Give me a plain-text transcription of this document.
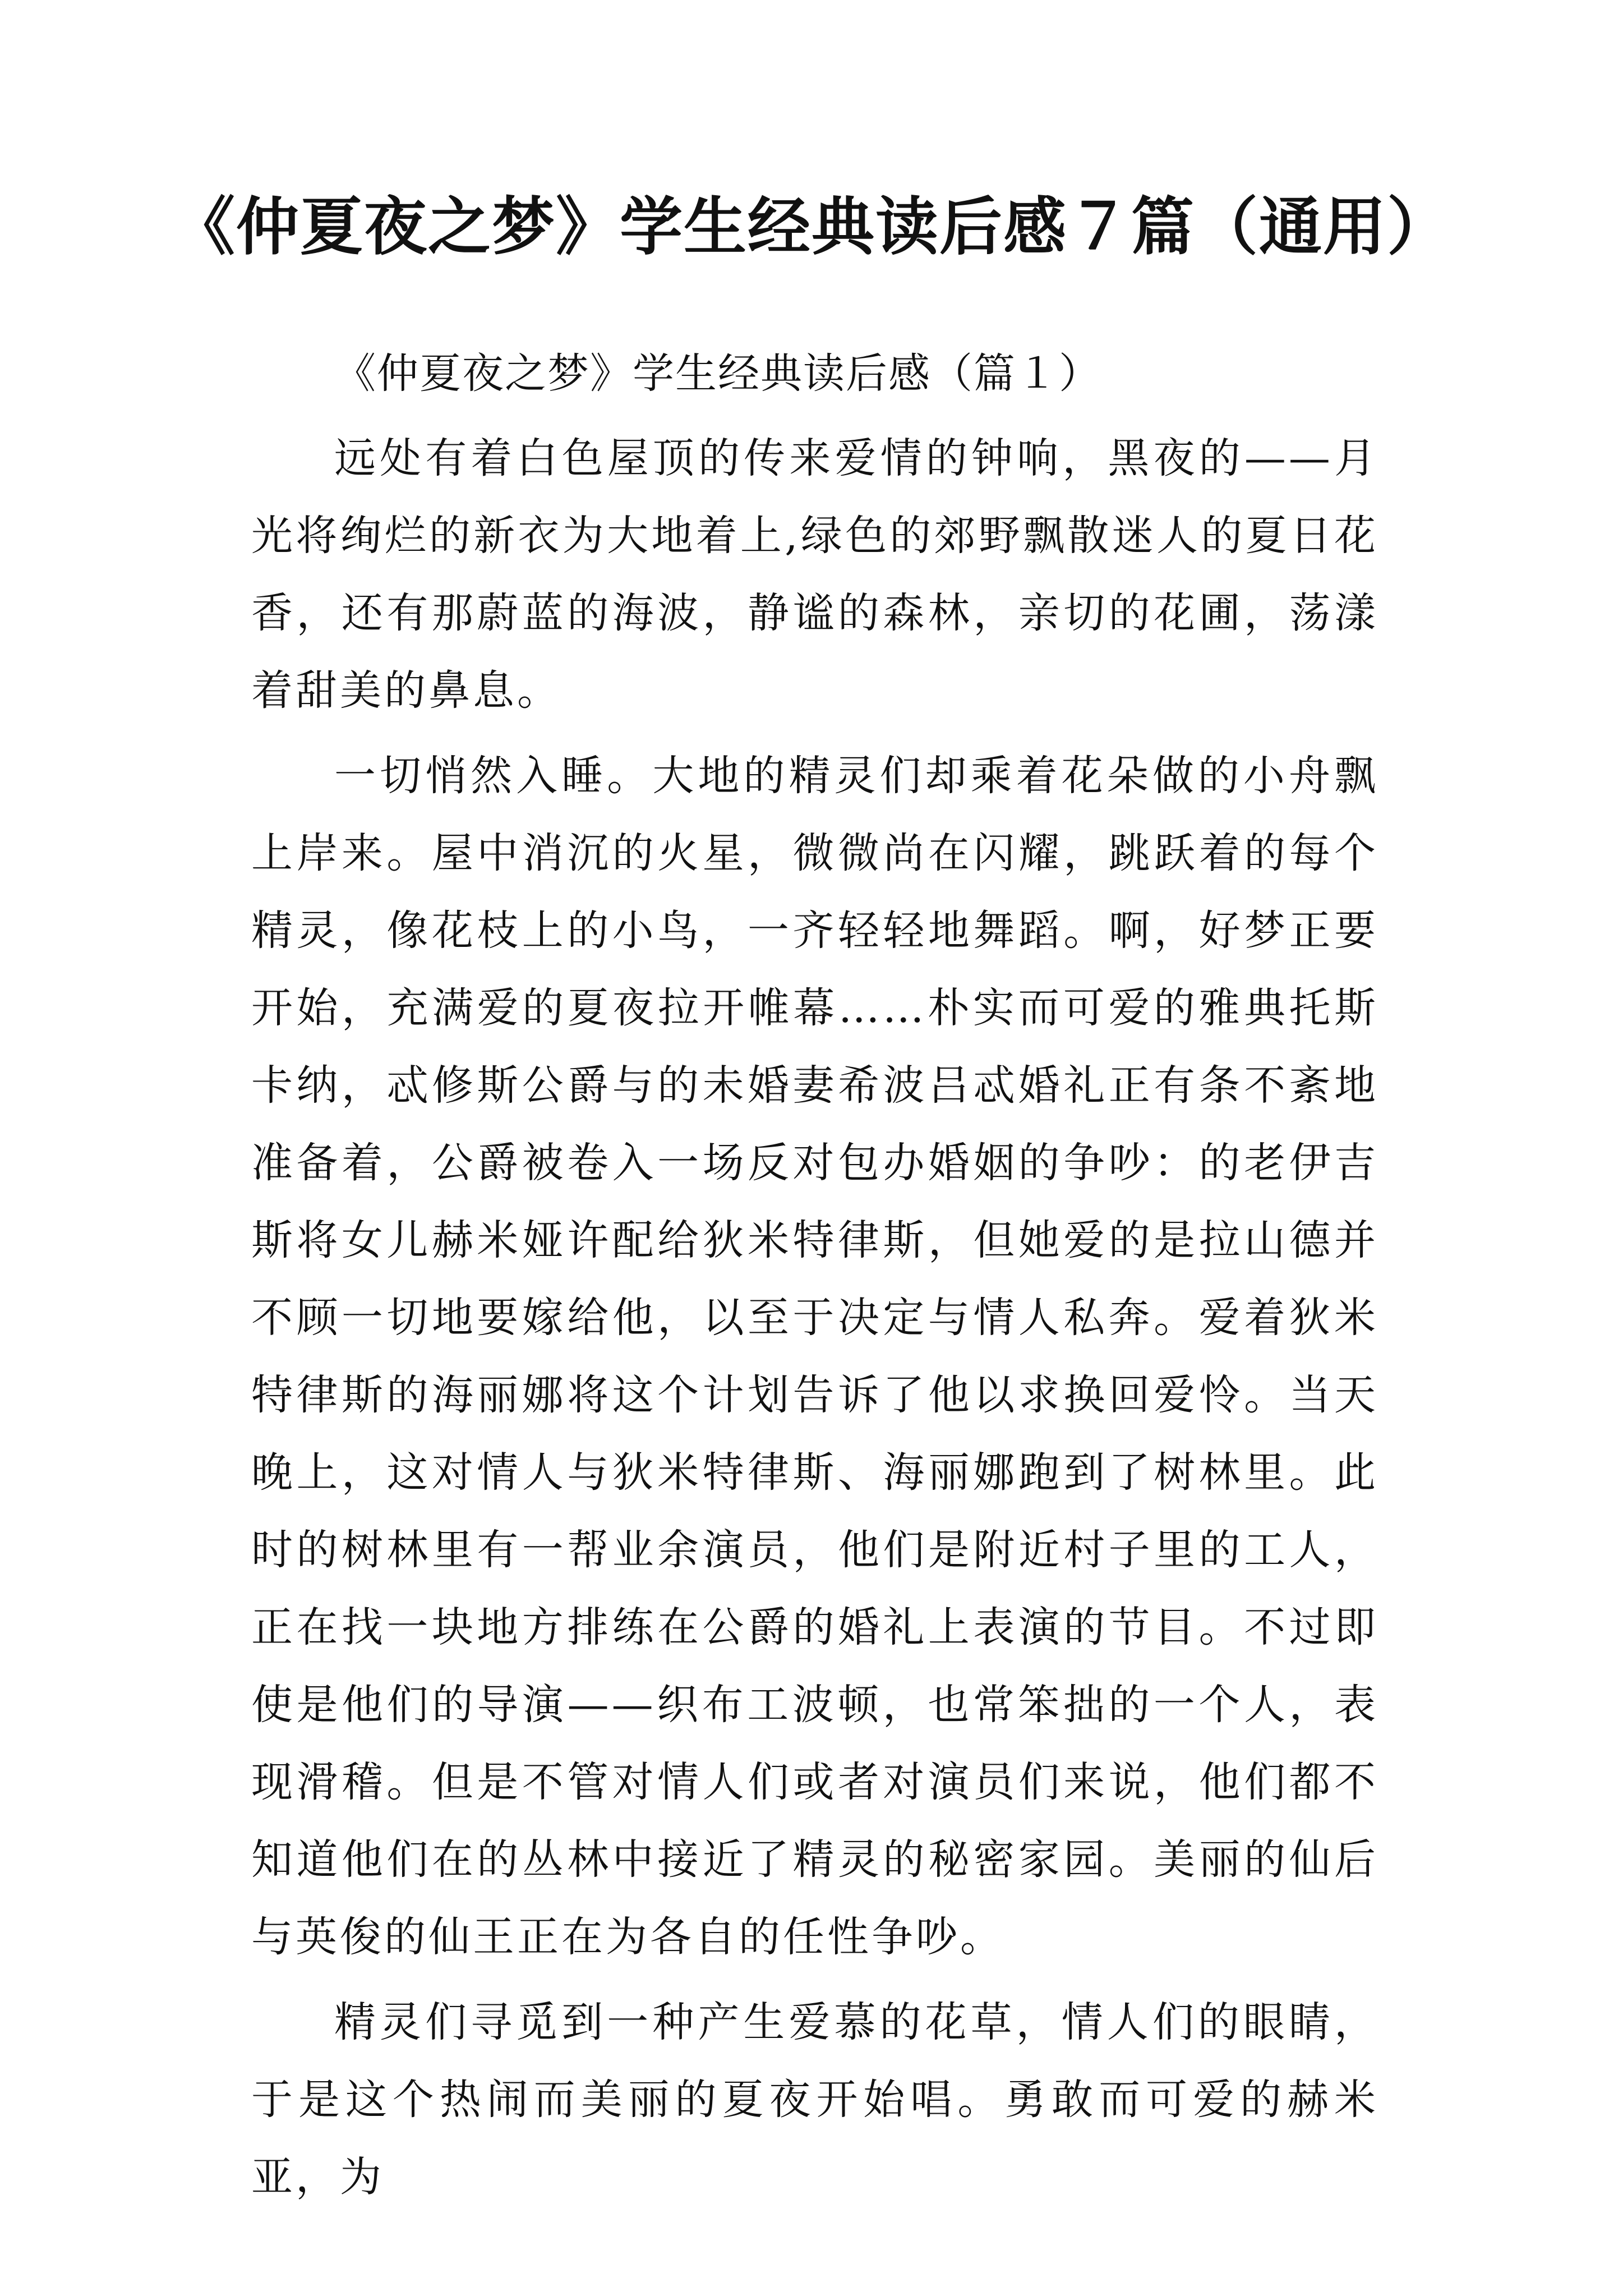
《仲夏夜之梦》学生经典读后感７篇（通用）

《仲夏夜之梦》学生经典读后感（篇１）

远处有着白色屋顶的传来爱情的钟响，黑夜的——月光将绚烂的新衣为大地着上,绿色的郊野飘散迷人的夏日花香，还有那蔚蓝的海波，静谧的森林，亲切的花圃，荡漾着甜美的鼻息。

一切悄然入睡。大地的精灵们却乘着花朵做的小舟飘上岸来。屋中消沉的火星，微微尚在闪耀，跳跃着的每个精灵，像花枝上的小鸟，一齐轻轻地舞蹈。啊，好梦正要开始，充满爱的夏夜拉开帷幕……朴实而可爱的雅典托斯卡纳，忒修斯公爵与的未婚妻希波吕忒婚礼正有条不紊地准备着，公爵被卷入一场反对包办婚姻的争吵：的老伊吉斯将女儿赫米娅许配给狄米特律斯，但她爱的是拉山德并不顾一切地要嫁给他，以至于决定与情人私奔。爱着狄米特律斯的海丽娜将这个计划告诉了他以求换回爱怜。当天晚上，这对情人与狄米特律斯、海丽娜跑到了树林里。此时的树林里有一帮业余演员，他们是附近村子里的工人，正在找一块地方排练在公爵的婚礼上表演的节目。不过即使是他们的导演——织布工波顿，也常笨拙的一个人，表现滑稽。但是不管对情人们或者对演员们来说，他们都不知道他们在的丛林中接近了精灵的秘密家园。美丽的仙后与英俊的仙王正在为各自的任性争吵。

精灵们寻觅到一种产生爱慕的花草，情人们的眼睛，于是这个热闹而美丽的夏夜开始唱。勇敢而可爱的赫米亚，为
